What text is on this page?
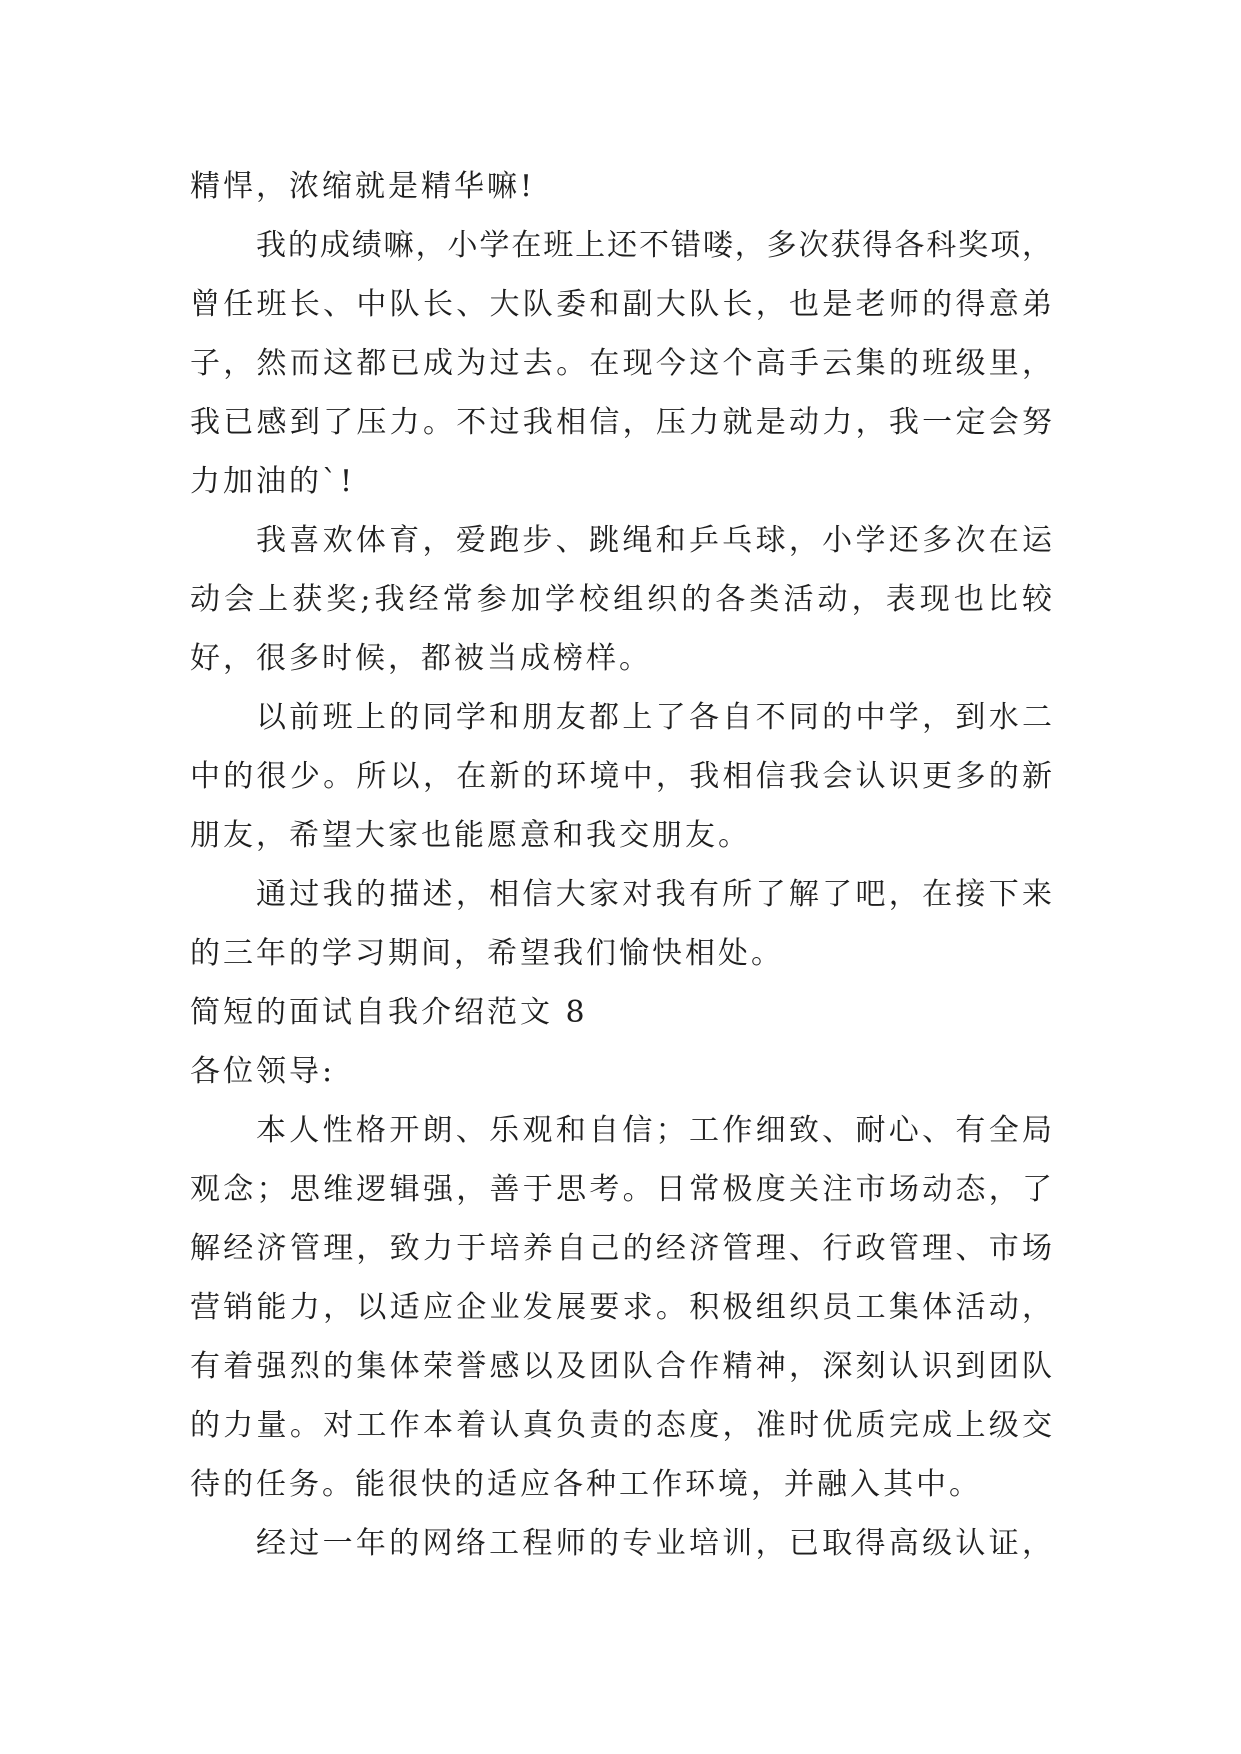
精悍，浓缩就是精华嘛!
我的成绩嘛，小学在班上还不错喽，多次获得各科奖项，
曾任班长、中队长、大队委和副大队长，也是老师的得意弟
子，然而这都已成为过去。在现今这个高手云集的班级里，
我已感到了压力。不过我相信，压力就是动力，我一定会努
力加油的`!
我喜欢体育，爱跑步、跳绳和乒乓球，小学还多次在运
动会上获奖;我经常参加学校组织的各类活动，表现也比较
好，很多时候，都被当成榜样。
以前班上的同学和朋友都上了各自不同的中学，到水二
中的很少。所以，在新的环境中，我相信我会认识更多的新
朋友，希望大家也能愿意和我交朋友。
通过我的描述，相信大家对我有所了解了吧，在接下来
的三年的学习期间，希望我们愉快相处。
简短的面试自我介绍范文 8
各位领导:
本人性格开朗、乐观和自信；工作细致、耐心、有全局
观念；思维逻辑强，善于思考。日常极度关注市场动态，了
解经济管理，致力于培养自己的经济管理、行政管理、市场
营销能力，以适应企业发展要求。积极组织员工集体活动，
有着强烈的集体荣誉感以及团队合作精神，深刻认识到团队
的力量。对工作本着认真负责的态度，准时优质完成上级交
待的任务。能很快的适应各种工作环境，并融入其中。
经过一年的网络工程师的专业培训，已取得高级认证，
